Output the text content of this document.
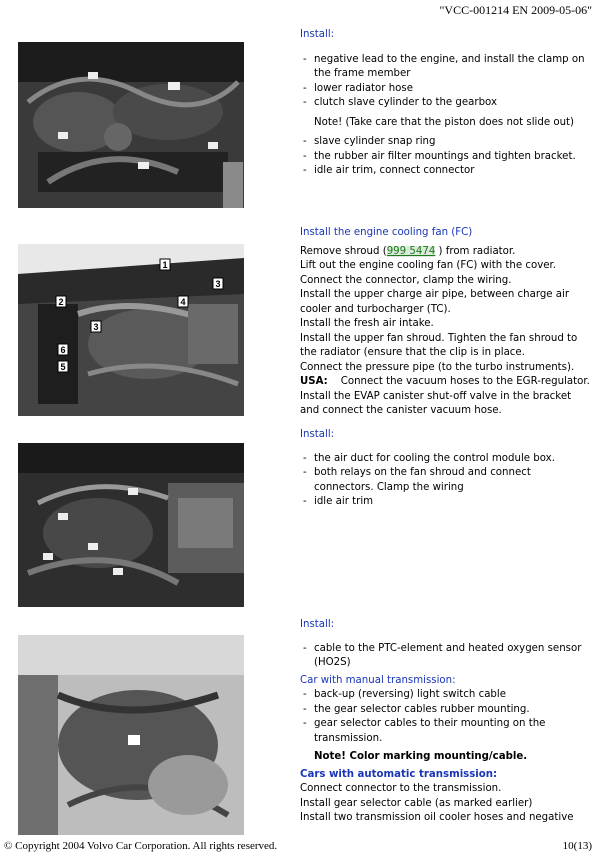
"VCC-001214 EN 2009-05-06"
1
2
3
3
4
5
6

Install:

- negative lead to the engine, and install the clamp on the frame member
- lower radiator hose
- clutch slave cylinder to the gearbox

Note! (Take care that the piston does not slide out)

- slave cylinder snap ring
- the rubber air filter mountings and tighten bracket.
- idle air trim, connect connector

Install the engine cooling fan (FC)

Remove shroud (999 5474 ) from radiator.

Lift out the engine cooling fan (FC) with the cover.

Connect the connector, clamp the wiring.

Install the upper charge air pipe, between charge air cooler and turbocharger (TC).

Install the fresh air intake.

Install the upper fan shroud. Tighten the fan shroud to the radiator (ensure that the clip is in place.

Connect the pressure pipe (to the turbo instruments).

USA: Connect the vacuum hoses to the EGR-regulator.

Install the EVAP canister shut-off valve in the bracket and connect the canister vacuum hose.

Install:

- the air duct for cooling the control module box.
- both relays on the fan shroud and connect connectors. Clamp the wiring
- idle air trim

Install:

- cable to the PTC-element and heated oxygen sensor (HO2S)

Car with manual transmission:

- back-up (reversing) light switch cable
- the gear selector cables rubber mounting.
- gear selector cables to their mounting on the transmission.

Note! Color marking mounting/cable.

Cars with automatic transmission:

Connect connector to the transmission.

Install gear selector cable (as marked earlier)

Install two transmission oil cooler hoses and negative

© Copyright 2004 Volvo Car Corporation. All rights reserved.	10(13)
